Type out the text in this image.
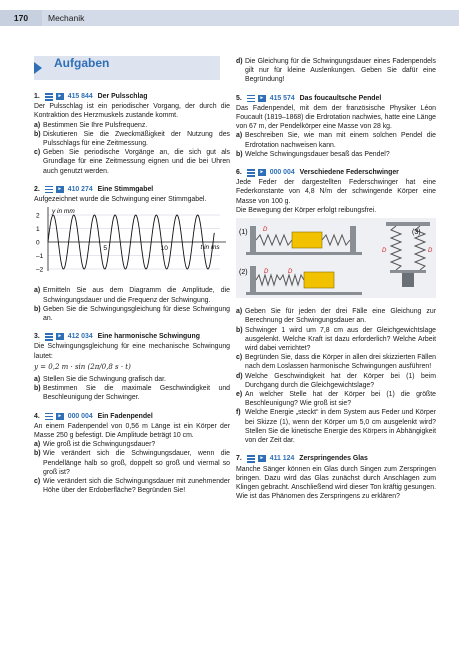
170	Mechanik
Aufgaben
1.	▸ 415 844 Der Pulsschlag
Der Pulsschlag ist ein periodischer Vorgang, der durch die Kontraktion des Herzmuskels zustande kommt.
a) Bestimmen Sie Ihre Pulsfrequenz.
b) Diskutieren Sie die Zweckmäßigkeit der Nutzung des Pulsschlags für eine Zeitmessung.
c) Geben Sie periodische Vorgänge an, die sich gut als Grundlage für eine Zeitmessung eignen und die bei Uhren auch genutzt werden.
2.	▸ 410 274 Eine Stimmgabel
Aufgezeichnet wurde die Schwingung einer Stimmgabel.
2
1
0
–1
–2
5	10
y in mm
t in ms
a) Ermitteln Sie aus dem Diagramm die Amplitude, die Schwingungsdauer und die Frequenz der Schwingung.
b) Geben Sie die Schwingungsgleichung für diese Schwingung an.
3.	▸ 412 034 Eine harmonische Schwingung
Die Schwingungsgleichung für eine mechanische Schwingung lautet:
y = 0,2 m · sin (2π/0,8 s · t)
a) Stellen Sie die Schwingung grafisch dar.
b) Bestimmen Sie die maximale Geschwindigkeit und Beschleunigung der Schwinger.
4.	▸ 000 004 Ein Fadenpendel
An einem Fadenpendel von 0,56 m Länge ist ein Körper der Masse 250 g befestigt. Die Amplitude beträgt 10 cm.
a) Wie groß ist die Schwingungsdauer?
b) Wie verändert sich die Schwingungsdauer, wenn die Pendellänge halb so groß, doppelt so groß und viermal so groß ist?
c) Wie verändert sich die Schwingungsdauer mit zunehmender Höhe über der Erdoberfläche? Begründen Sie!
d) Die Gleichung für die Schwingungsdauer eines Fadenpendels gilt nur für kleine Auslenkungen. Geben Sie dafür eine Begründung!
5.	▸ 415 574 Das foucaultsche Pendel
Das Fadenpendel, mit dem der französische Physiker Léon Foucault (1819–1868) die Erdrotation nachwies, hatte eine Länge von 67 m, der Pendelkörper eine Masse von 28 kg.
a) Beschreiben Sie, wie man mit einem solchen Pendel die Erdrotation nachweisen kann.
b) Welche Schwingungsdauer besaß das Pendel?
6.	▸ 000 004 Verschiedene Federschwinger
Jede Feder der dargestellten Federschwinger hat eine Federkonstante von 4,8 N/m der schwingende Körper eine Masse von 100 g.
Die Bewegung der Körper erfolgt reibungsfrei.
(1)	D
(2)	D	D
(3)
D	D
a) Geben Sie für jeden der drei Fälle eine Gleichung zur Berechnung der Schwingungsdauer an.
b) Schwinger 1 wird um 7,8 cm aus der Gleichgewichtslage ausgelenkt. Welche Kraft ist dazu erforderlich? Welche Arbeit wird dabei verrichtet?
c) Begründen Sie, dass die Körper in allen drei skizzierten Fällen nach dem Loslassen harmonische Schwingungen ausführen!
d) Welche Geschwindigkeit hat der Körper bei (1) beim Durchgang durch die Gleichgewichtslage?
e) An welcher Stelle hat der Körper bei (1) die größte Beschleunigung? Wie groß ist sie?
f) Welche Energie „steckt“ in dem System aus Feder und Körper bei Skizze (1), wenn der Körper um 5,0 cm ausgelenkt wird? Stellen Sie die kinetische Energie des Körpers in Abhängigkeit von der Zeit dar.
7.	▸ 411 124 Zerspringendes Glas
Manche Sänger können ein Glas durch Singen zum Zerspringen bringen. Dazu wird das Glas zunächst durch Anschlagen zum Klingen gebracht. Anschließend wird dieser Ton kräftig gesungen. Wie ist das Phänomen des Zerspringens zu erklären?
